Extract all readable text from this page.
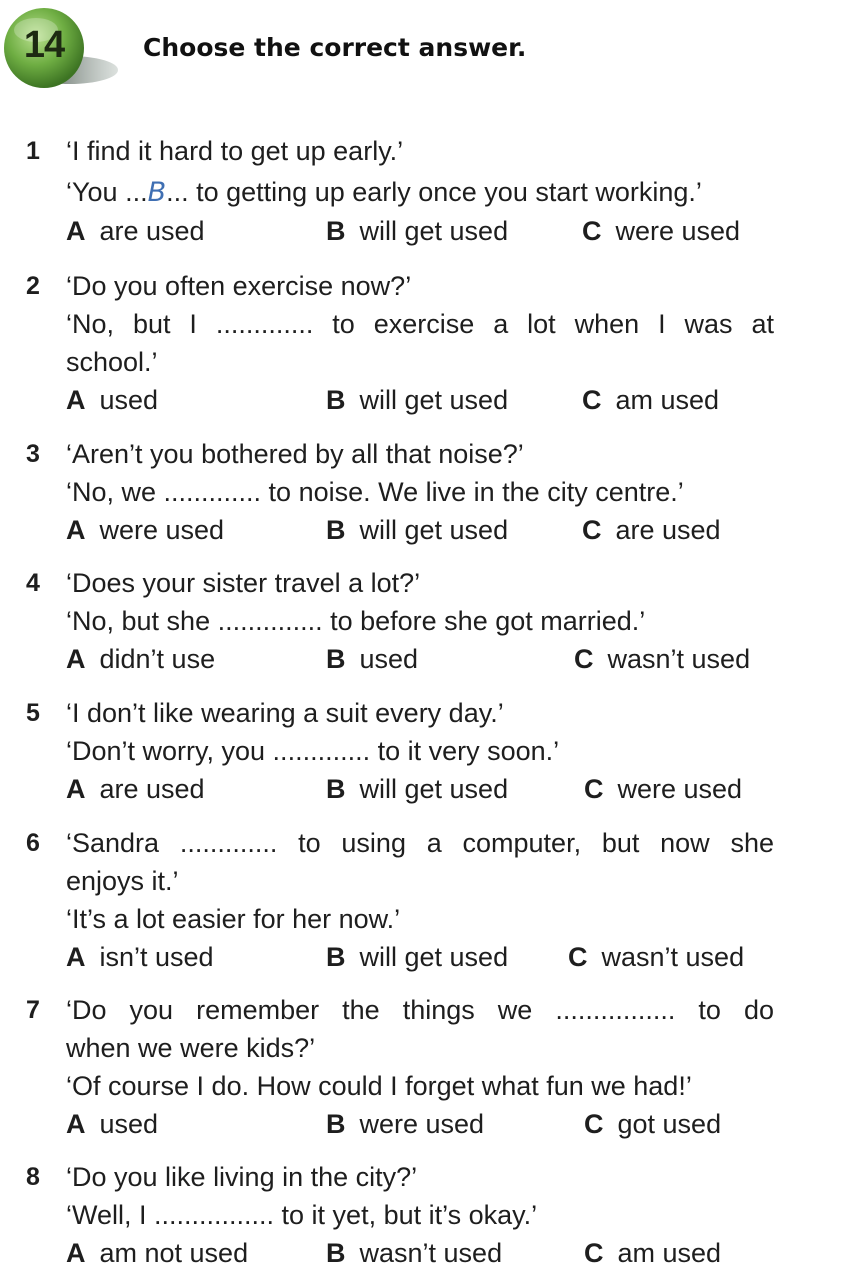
14	Choose the correct answer.
1 ‘I find it hard to get up early.’
‘You ...B... to getting up early once you start working.’
A are used	B will get used	C were used
2 ‘Do you often exercise now?’
‘No, but I ............. to exercise a lot when I was at
school.’
A used	B will get used	C am used
3 ‘Aren’t you bothered by all that noise?’
‘No, we ............. to noise. We live in the city centre.’
A were used	B will get used	C are used
4 ‘Does your sister travel a lot?’
‘No, but she .............. to before she got married.’
A didn’t use	B used	C wasn’t used
5 ‘I don’t like wearing a suit every day.’
‘Don’t worry, you ............. to it very soon.’
A are used	B will get used	C were used
6 ‘Sandra ............. to using a computer, but now she
enjoys it.’
‘It’s a lot easier for her now.’
A isn’t used	B will get used C wasn’t used
7 ‘Do you remember the things we ................ to do
when we were kids?’
‘Of course I do. How could I forget what fun we had!’
A used	B were used	C got used
8 ‘Do you like living in the city?’
‘Well, I ................ to it yet, but it’s okay.’
A am not used	B wasn’t used	C am used
